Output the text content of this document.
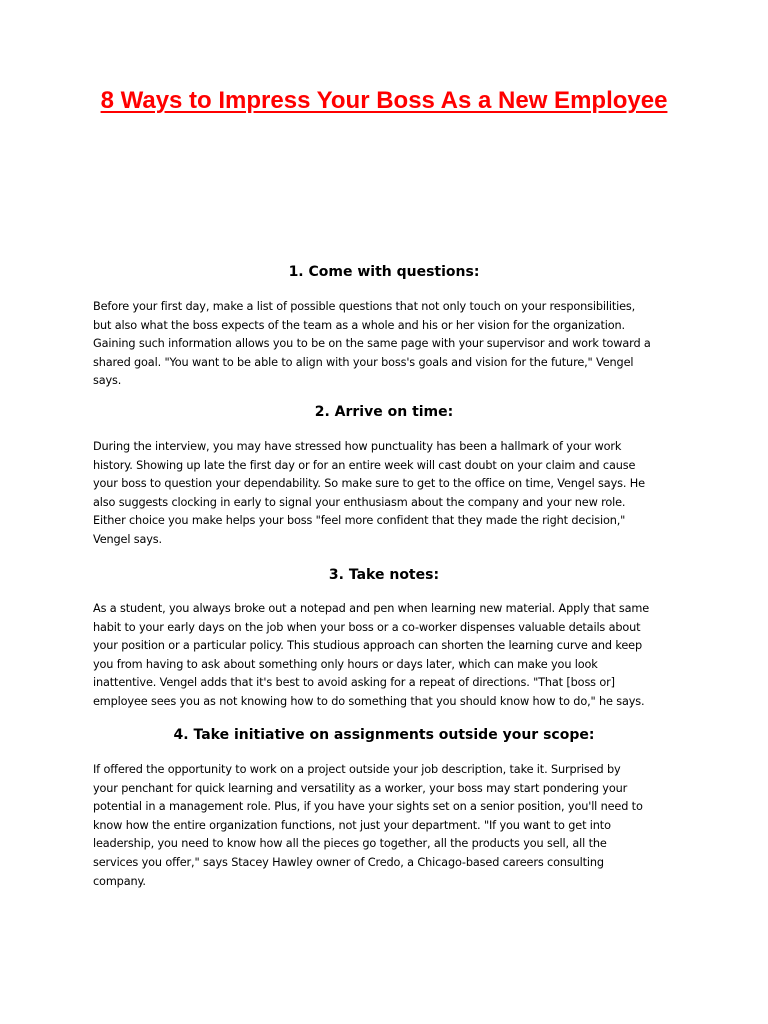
8 Ways to Impress Your Boss As a New Employee
1. Come with questions:

Before your first day, make a list of possible questions that not only touch on your responsibilities,
but also what the boss expects of the team as a whole and his or her vision for the organization.
Gaining such information allows you to be on the same page with your supervisor and work toward a
shared goal. "You want to be able to align with your boss's goals and vision for the future," Vengel
says.

2. Arrive on time:

During the interview, you may have stressed how punctuality has been a hallmark of your work
history. Showing up late the first day or for an entire week will cast doubt on your claim and cause
your boss to question your dependability. So make sure to get to the office on time, Vengel says. He
also suggests clocking in early to signal your enthusiasm about the company and your new role.
Either choice you make helps your boss "feel more confident that they made the right decision,"
Vengel says.

3. Take notes:

As a student, you always broke out a notepad and pen when learning new material. Apply that same
habit to your early days on the job when your boss or a co-worker dispenses valuable details about
your position or a particular policy. This studious approach can shorten the learning curve and keep
you from having to ask about something only hours or days later, which can make you look
inattentive. Vengel adds that it's best to avoid asking for a repeat of directions. "That [boss or]
employee sees you as not knowing how to do something that you should know how to do," he says.

4. Take initiative on assignments outside your scope:

If offered the opportunity to work on a project outside your job description, take it. Surprised by
your penchant for quick learning and versatility as a worker, your boss may start pondering your
potential in a management role. Plus, if you have your sights set on a senior position, you'll need to
know how the entire organization functions, not just your department. "If you want to get into
leadership, you need to know how all the pieces go together, all the products you sell, all the
services you offer," says Stacey Hawley owner of Credo, a Chicago-based careers consulting
company.
